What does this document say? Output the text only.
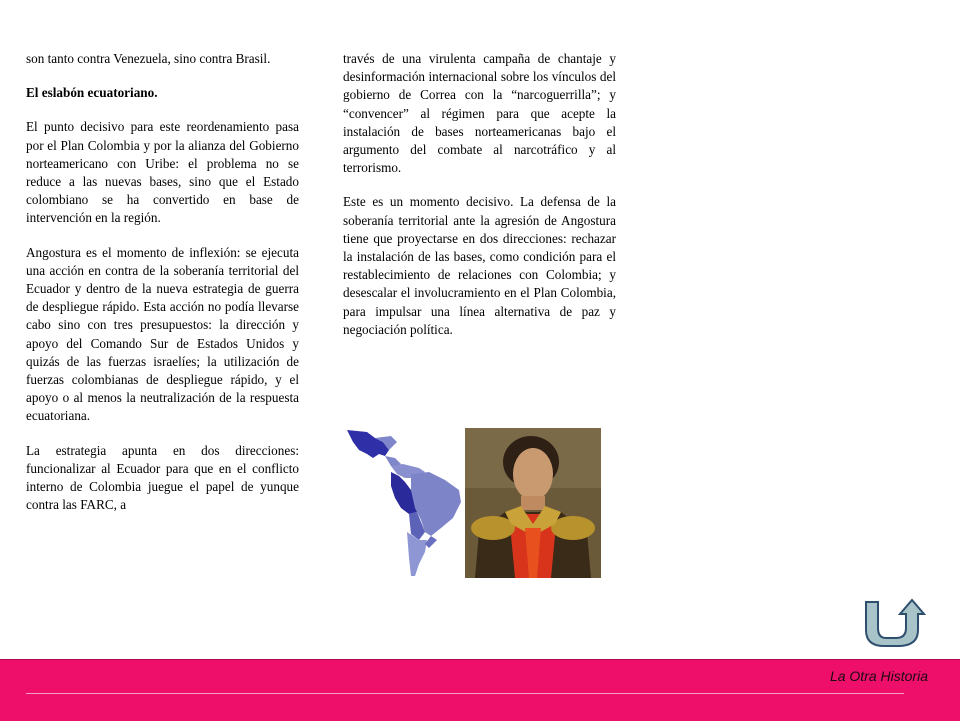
son tanto contra Venezuela, sino contra Brasil.

El eslabón ecuatoriano.

El punto decisivo para este reordenamiento pasa por el Plan Colombia y por la alianza del Gobierno norteamericano con Uribe: el problema no se reduce a las nuevas bases, sino que el Estado colombiano se ha convertido en base de intervención en la región.

Angostura es el momento de inflexión: se ejecuta una acción en contra de la soberanía territorial del Ecuador y dentro de la nueva estrategia de guerra de despliegue rápido. Esta acción no podía llevarse cabo sino con tres presupuestos: la dirección y apoyo del Comando Sur de Estados Unidos y quizás de las fuerzas israelíes; la utilización de fuerzas colombianas de despliegue rápido, y el apoyo o al menos la neutralización de la respuesta ecuatoriana.

La estrategia apunta en dos direcciones: funcionalizar al Ecuador para que en el conflicto interno de Colombia juegue el papel de yunque contra las FARC, a

través de una virulenta campaña de chantaje y desinformación internacional sobre los vínculos del gobierno de Correa con la “narcoguerrilla”; y “convencer” al régimen para que acepte la instalación de bases norteamericanas bajo el argumento del combate al narcotráfico y al terrorismo.

Este es un momento decisivo. La defensa de la soberanía territorial ante la agresión de Angostura tiene que proyectarse en dos direcciones: rechazar la instalación de las bases, como condición para el restablecimiento de relaciones con Colombia; y desescalar el involucramiento en el Plan Colombia, para impulsar una línea alternativa de paz y negociación política.

La Otra Historia
